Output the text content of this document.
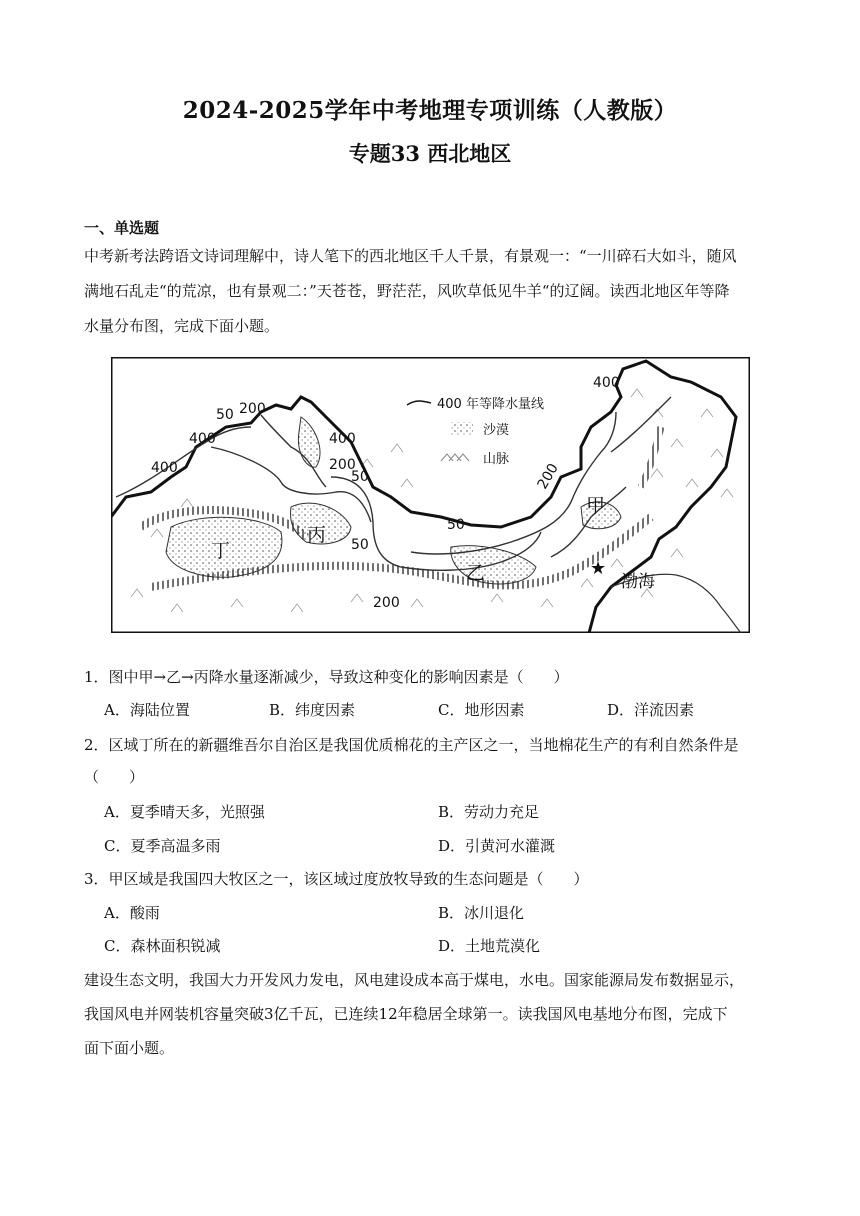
2024-2025学年中考地理专项训练（人教版）
专题33 西北地区
一、单选题
中考新考法跨语文诗词理解中，诗人笔下的西北地区千人千景，有景观一：“一川碎石大如斗，随风
满地石乱走“的荒凉，也有景观二：”天苍苍，野茫茫，风吹草低见牛羊“的辽阔。读西北地区年等降
水量分布图，完成下面小题。
400 年等降水量线
沙漠
山脉
400
400	400
400
200
200	200
200
50
50
50
50
甲
乙
丙
丁
★
渤海
1．图中甲→乙→丙降水量逐渐减少，导致这种变化的影响因素是（　　）
A．海陆位置	B．纬度因素	C．地形因素	D．洋流因素
2．区域丁所在的新疆维吾尔自治区是我国优质棉花的主产区之一，当地棉花生产的有利自然条件是
（　　）
A．夏季晴天多，光照强	B．劳动力充足
C．夏季高温多雨	D．引黄河水灌溉
3．甲区域是我国四大牧区之一，该区域过度放牧导致的生态问题是（　　）
A．酸雨	B．冰川退化
C．森林面积锐减	D．土地荒漠化
建设生态文明，我国大力开发风力发电，风电建设成本高于煤电，水电。国家能源局发布数据显示，
我国风电并网装机容量突破3亿千瓦，已连续12年稳居全球第一。读我国风电基地分布图，完成下
面下面小题。
